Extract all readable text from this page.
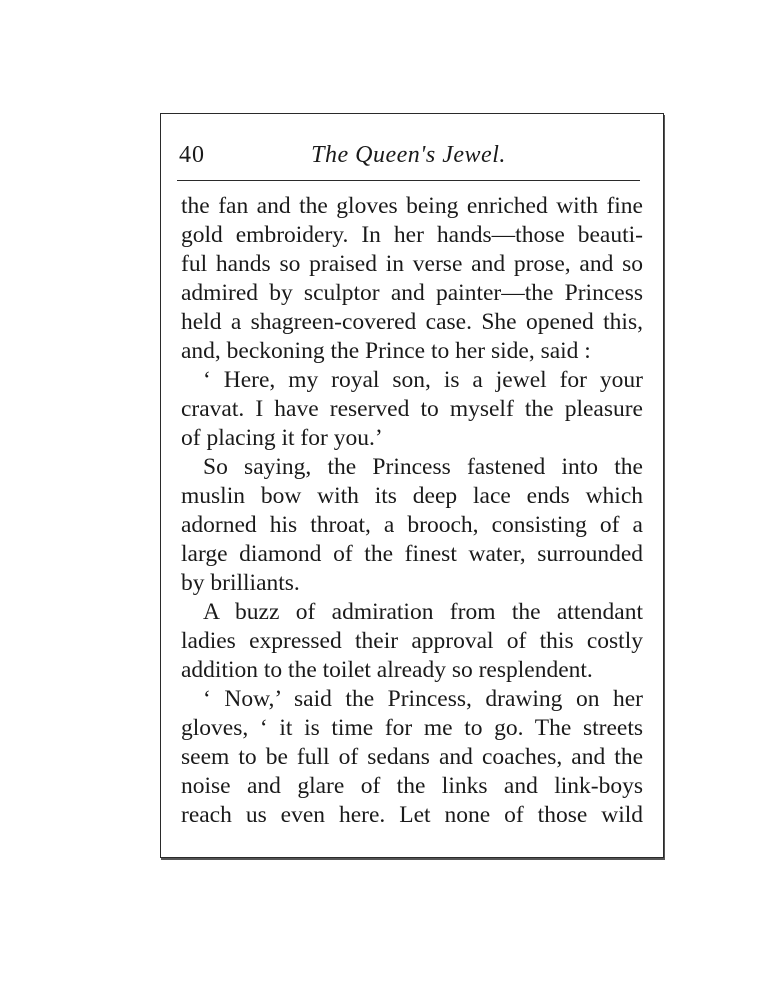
40	The Queen's Jewel.
the fan and the gloves being enriched with fine
gold embroidery. In her hands—those beauti-
ful hands so praised in verse and prose, and so
admired by sculptor and painter—the Princess
held a shagreen-covered case. She opened this,
and, beckoning the Prince to her side, said :
‘ Here, my royal son, is a jewel for your
cravat. I have reserved to myself the pleasure
of placing it for you.’
So saying, the Princess fastened into the
muslin bow with its deep lace ends which
adorned his throat, a brooch, consisting of a
large diamond of the finest water, surrounded
by brilliants.
A buzz of admiration from the attendant
ladies expressed their approval of this costly
addition to the toilet already so resplendent.
‘ Now,’ said the Princess, drawing on her
gloves, ‘ it is time for me to go. The streets
seem to be full of sedans and coaches, and the
noise and glare of the links and link-boys
reach us even here. Let none of those wild
